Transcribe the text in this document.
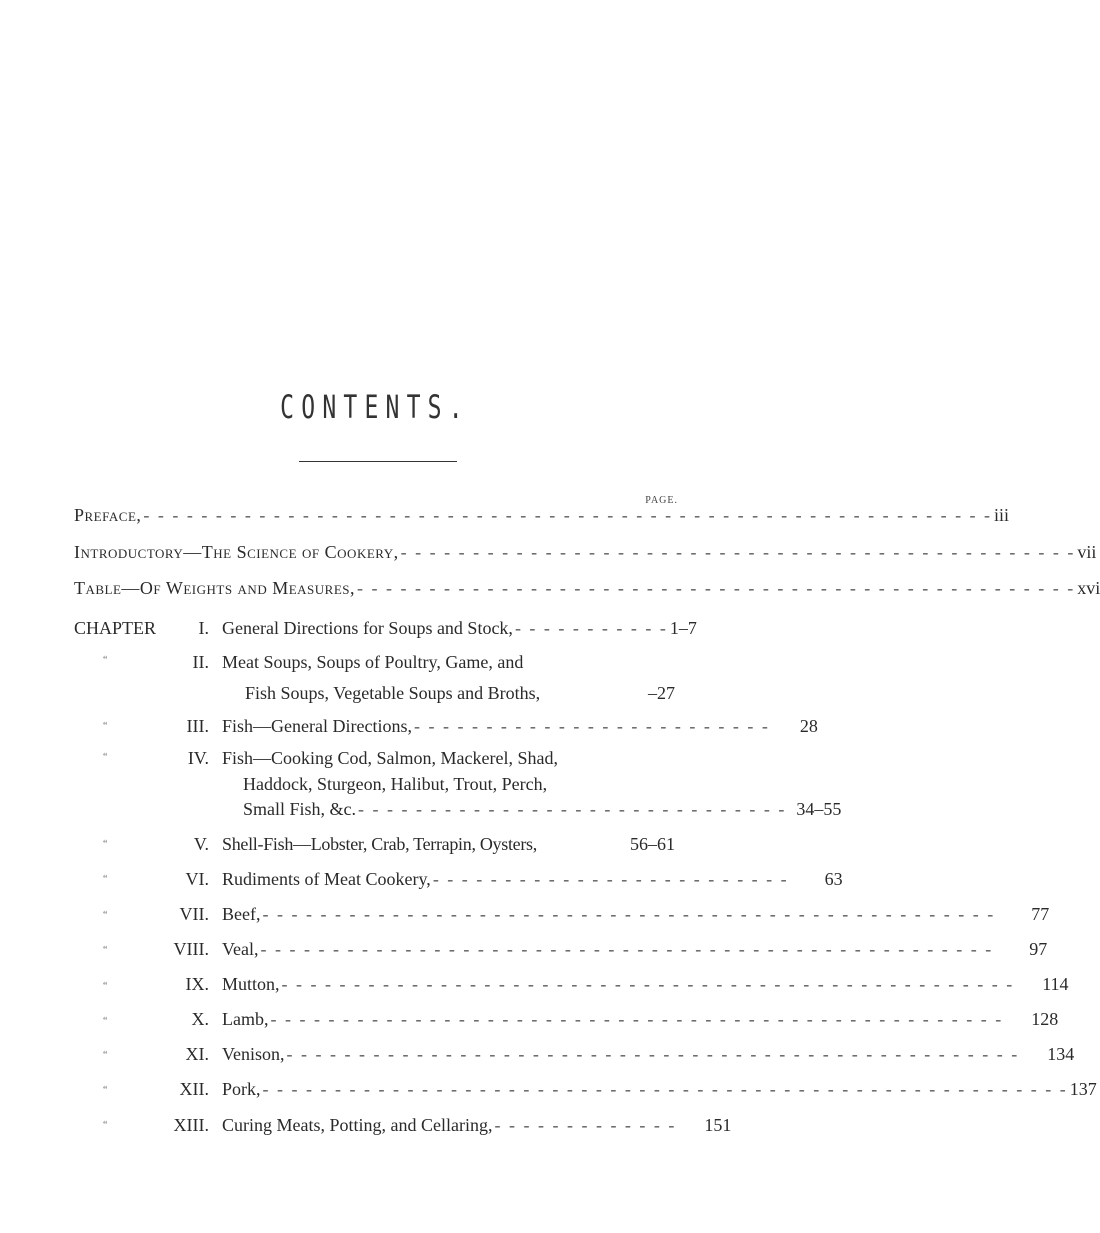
CONTENTS.
PAGE.
Preface, - - - - - - - - - - - - - - - - - - - - - - - - - - - - - - - - - - - - - - - - - - - - - - - - - - - - - - - - - - - iii
Introductory—The Science of Cookery, - - - - - - - - - - - - - - - - - - - - - - - - - - - - - - - - - - - - - - - - - - - - - - - vii
Table—Of Weights and Measures, - - - - - - - - - - - - - - - - - - - - - - - - - - - - - - - - - - - - - - - - - - - - - - - - - - xvi
CHAPTER I. General Directions for Soups and Stock, - - - - - - - - - - - 1–7
“	II. Meat Soups, Soups of Poultry, Game, and
Fish Soups, Vegetable Soups and Broths,	–27
“	III. Fish—General Directions, - - - - - - - - - - - - - - - - - - - - - - - - - 28
“	IV. Fish—Cooking Cod, Salmon, Mackerel, Shad,
Haddock, Sturgeon, Halibut, Trout, Perch,
Small Fish, &c. - - - - - - - - - - - - - - - - - - - - - - - - - - - - - - 34–55
“	V. Shell-Fish—Lobster, Crab, Terrapin, Oysters,	56–61
“	VI. Rudiments of Meat Cookery, - - - - - - - - - - - - - - - - - - - - - - - - - 63
“	VII. Beef, - - - - - - - - - - - - - - - - - - - - - - - - - - - - - - - - - - - - - - - - - - - - - - - - - - - 77
“	VIII. Veal, - - - - - - - - - - - - - - - - - - - - - - - - - - - - - - - - - - - - - - - - - - - - - - - - - - - 97
“	IX. Mutton, - - - - - - - - - - - - - - - - - - - - - - - - - - - - - - - - - - - - - - - - - - - - - - - - - - - 114
“	X. Lamb, - - - - - - - - - - - - - - - - - - - - - - - - - - - - - - - - - - - - - - - - - - - - - - - - - - - 128
“	XI. Venison, - - - - - - - - - - - - - - - - - - - - - - - - - - - - - - - - - - - - - - - - - - - - - - - - - - - 134
“	XII. Pork, - - - - - - - - - - - - - - - - - - - - - - - - - - - - - - - - - - - - - - - - - - - - - - - - - - - - - - - - 137
“	XIII. Curing Meats, Potting, and Cellaring, - - - - - - - - - - - - - 151
